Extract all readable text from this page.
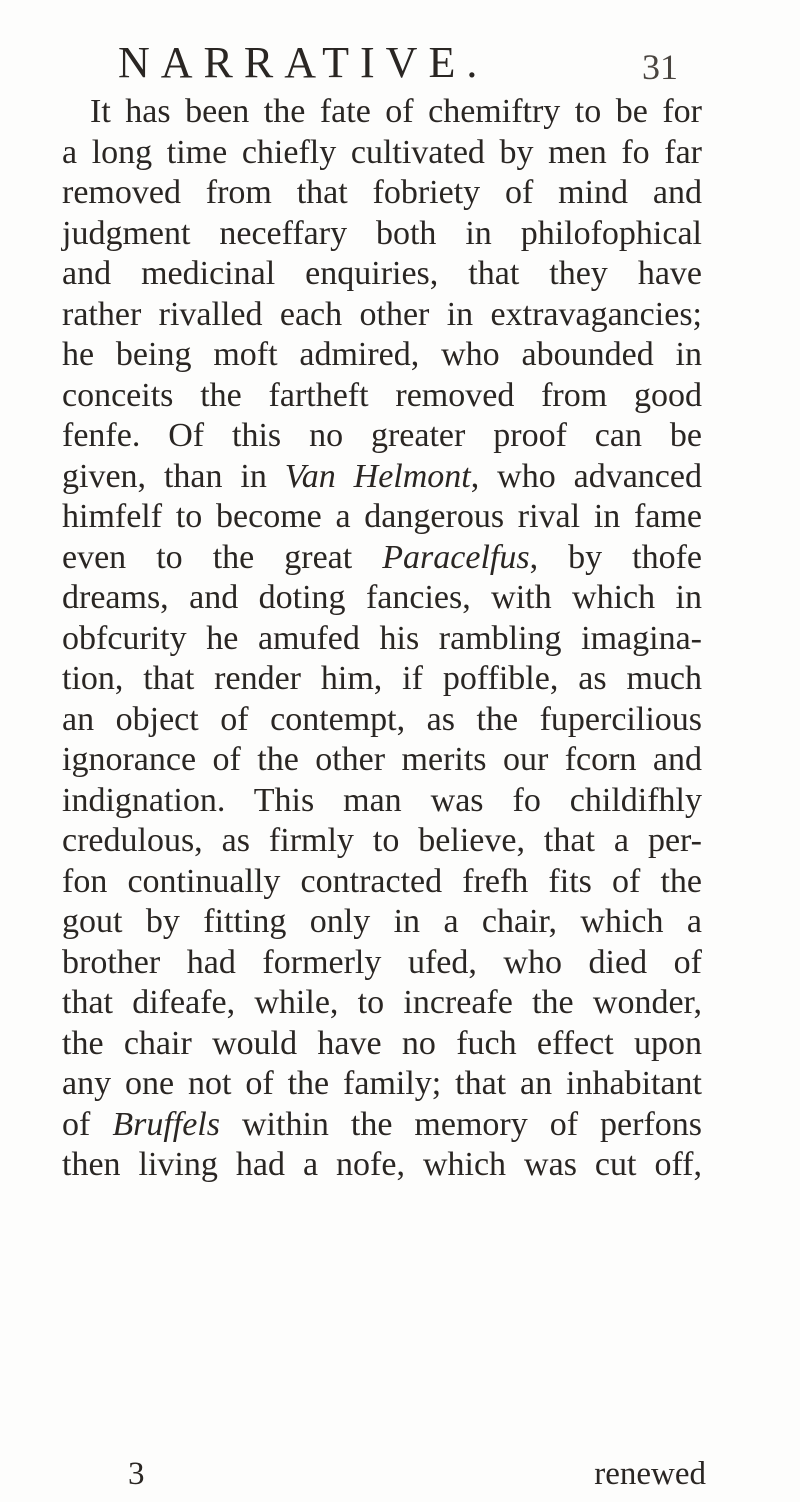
NARRATIVE.	31
It has been the fate of chemiftry to be for
a long time chiefly cultivated by men fo far
removed from that fobriety of mind and
judgment neceffary both in philofophical
and medicinal enquiries, that they have
rather rivalled each other in extravagancies;
he being moft admired, who abounded in
conceits the fartheft removed from good
fenfe. Of this no greater proof can be
given, than in Van Helmont, who advanced
himfelf to become a dangerous rival in fame
even to the great Paracelfus, by thofe
dreams, and doting fancies, with which in
obfcurity he amufed his rambling imagina-
tion, that render him, if poffible, as much
an object of contempt, as the fupercilious
ignorance of the other merits our fcorn and
indignation. This man was fo childifhly
credulous, as firmly to believe, that a per-
fon continually contracted frefh fits of the
gout by fitting only in a chair, which a
brother had formerly ufed, who died of
that difeafe, while, to increafe the wonder,
the chair would have no fuch effect upon
any one not of the family; that an inhabitant
of Bruffels within the memory of perfons
then living had a nofe, which was cut off,
3	renewed
